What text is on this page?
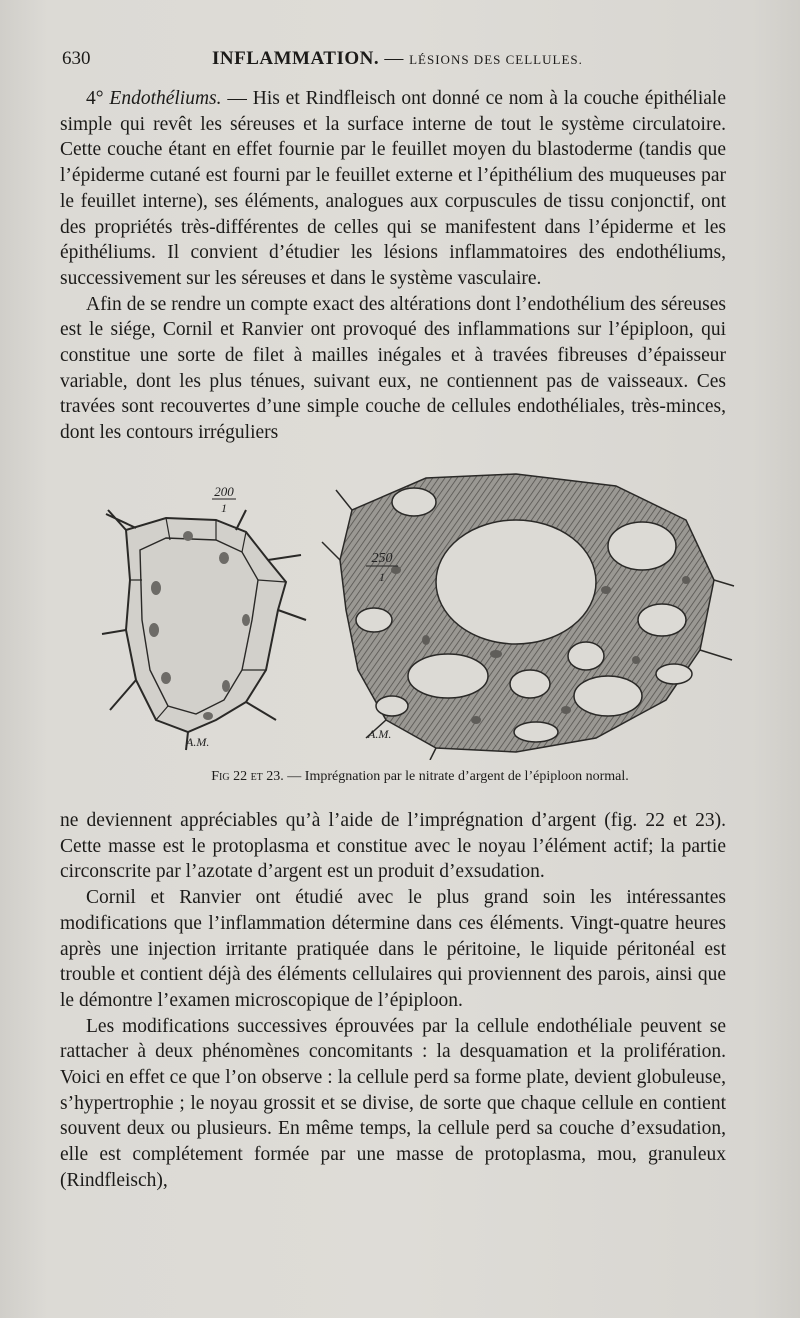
630	INFLAMMATION. — LÉSIONS DES CELLULES.

4° Endothéliums. — His et Rindfleisch ont donné ce nom à la couche épithéliale simple qui revêt les séreuses et la surface interne de tout le système circulatoire. Cette couche étant en effet fournie par le feuillet moyen du blastoderme (tandis que l’épiderme cutané est fourni par le feuillet externe et l’épithélium des muqueuses par le feuillet interne), ses éléments, analogues aux corpuscules de tissu conjonctif, ont des propriétés très-différentes de celles qui se manifestent dans l’épiderme et les épithéliums. Il convient d’étudier les lésions inflammatoires des endothéliums, successivement sur les séreuses et dans le système vasculaire.

Afin de se rendre un compte exact des altérations dont l’endothélium des séreuses est le siége, Cornil et Ranvier ont provoqué des inflammations sur l’épiploon, qui constitue une sorte de filet à mailles inégales et à travées fibreuses d’épaisseur variable, dont les plus ténues, suivant eux, ne contiennent pas de vaisseaux. Ces travées sont recouvertes d’une simple couche de cellules endothéliales, très-minces, dont les contours irréguliers

200
1
A.M.
250
1
A.M.
Fig 22 et 23. — Imprégnation par le nitrate d’argent de l’épiploon normal.

ne deviennent appréciables qu’à l’aide de l’imprégnation d’argent (fig. 22 et 23). Cette masse est le protoplasma et constitue avec le noyau l’élément actif; la partie circonscrite par l’azotate d’argent est un produit d’exsudation.

Cornil et Ranvier ont étudié avec le plus grand soin les intéressantes modifications que l’inflammation détermine dans ces éléments. Vingt-quatre heures après une injection irritante pratiquée dans le péritoine, le liquide péritonéal est trouble et contient déjà des éléments cellulaires qui proviennent des parois, ainsi que le démontre l’examen microscopique de l’épiploon.

Les modifications successives éprouvées par la cellule endothéliale peuvent se rattacher à deux phénomènes concomitants : la desquamation et la prolifération. Voici en effet ce que l’on observe : la cellule perd sa forme plate, devient globuleuse, s’hypertrophie ; le noyau grossit et se divise, de sorte que chaque cellule en contient souvent deux ou plusieurs. En même temps, la cellule perd sa couche d’exsudation, elle est complétement formée par une masse de protoplasma, mou, granuleux (Rindfleisch),
